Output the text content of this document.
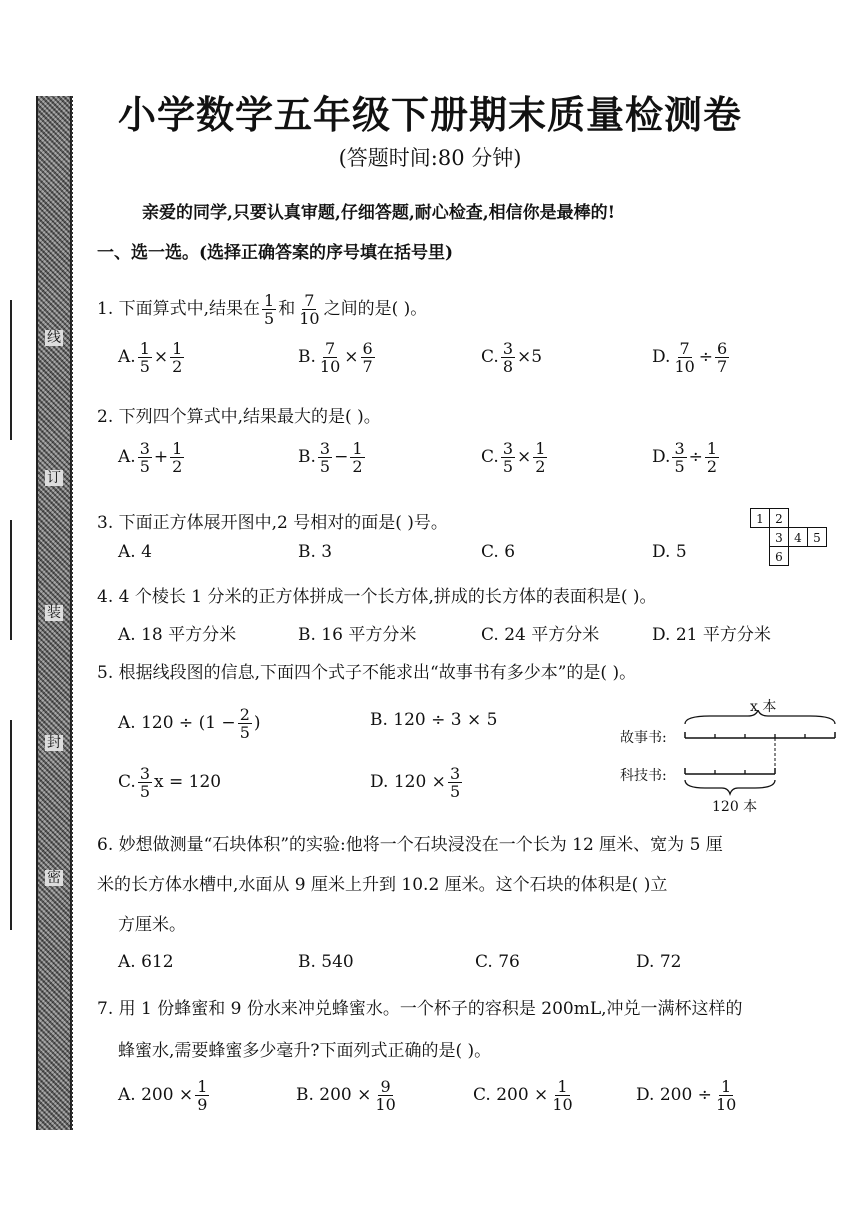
线
订
装
封
密
小学数学五年级下册期末质量检测卷
(答题时间:80 分钟)
亲爱的同学,只要认真审题,仔细答题,耐心检查,相信你是最棒的!
一、选一选。(选择正确答案的序号填在括号里)
1. 下面算式中,结果在 $\frac{1}{5}$ 和 $\frac{7}{10}$ 之间的是( )。
A. $\frac{1}{5} \times \frac{1}{2}$	B. $\frac{7}{10} \times \frac{6}{7}$	C. $\frac{3}{8} \times 5$	D. $\frac{7}{10} \div \frac{6}{7}$
2. 下列四个算式中,结果最大的是( )。
A. $\frac{3}{5} + \frac{1}{2}$	B. $\frac{3}{5} - \frac{1}{2}$	C. $\frac{3}{5} \times \frac{1}{2}$	D. $\frac{3}{5} \div \frac{1}{2}$
3. 下面正方体展开图中,2 号相对的面是( )号。
A. 4	B. 3	C. 6	D. 5
1 2
3 4 5
6
4. 4 个棱长 1 分米的正方体拼成一个长方体,拼成的长方体的表面积是( )。
A. 18 平方分米	B. 16 平方分米	C. 24 平方分米	D. 21 平方分米
5. 根据线段图的信息,下面四个式子不能求出“故事书有多少本”的是( )。
A. $120 \div (1 - \frac{2}{5}$ )	B. 120 ÷ 3 × 5
C. $\frac{3}{5}$ x = 120	D. $120 \times \frac{3}{5}$
x 本
故事书:
科技书:
120 本
6. 妙想做测量“石块体积”的实验:他将一个石块浸没在一个长为 12 厘米、宽为 5 厘
米的长方体水槽中,水面从 9 厘米上升到 10.2 厘米。这个石块的体积是( )立
方厘米。
A. 612	B. 540	C. 76	D. 72
7. 用 1 份蜂蜜和 9 份水来冲兑蜂蜜水。一个杯子的容积是 200mL,冲兑一满杯这样的
蜂蜜水,需要蜂蜜多少毫升?下面列式正确的是( )。
A. $200 \times \frac{1}{9}$	B. $200 \times \frac{9}{10}$	C. $200 \times \frac{1}{10}$	D. $200 \div \frac{1}{10}$
